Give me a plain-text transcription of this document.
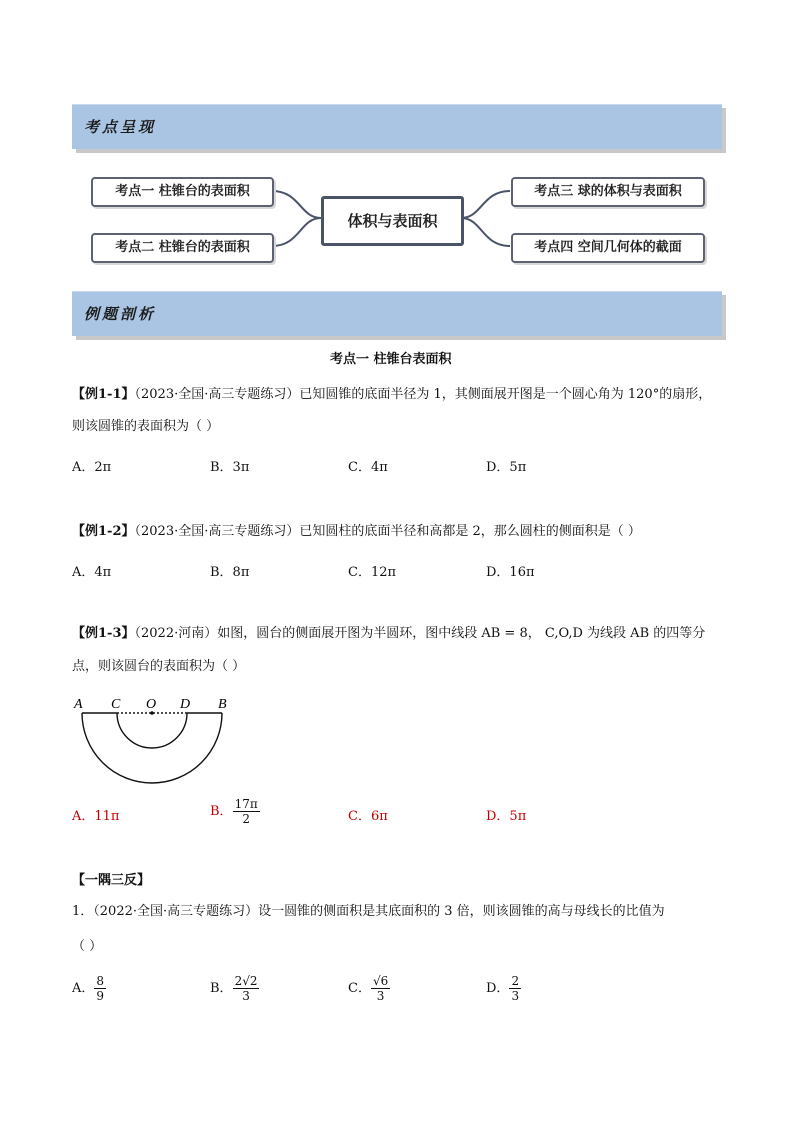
考点呈现
考点一 柱锥台的表面积
考点二 柱锥台的表面积
体积与表面积
考点三 球的体积与表面积
考点四 空间几何体的截面
例题剖析
考点一 柱锥台表面积
【例1-1】（2023·全国·高三专题练习）已知圆锥的底面半径为 1，其侧面展开图是一个圆心角为 120°的扇形，
则该圆锥的表面积为（ ）
A．2π	B．3π	C．4π	D．5π
【例1-2】（2023·全国·高三专题练习）已知圆柱的底面半径和高都是 2，那么圆柱的侧面积是（ ）
A．4π	B．8π	C．12π	D．16π
【例1-3】（2022·河南）如图，圆台的侧面展开图为半圆环，图中线段 AB = 8， C,O,D 为线段 AB 的四等分
点，则该圆台的表面积为（ ）
A C O D B
A．11π	B． $\frac{17\pi}{2}$	C．6π	D．5π
【一隅三反】
1．（2022·全国·高三专题练习）设一圆锥的侧面积是其底面积的 3 倍，则该圆锥的高与母线长的比值为
（ ）
A． $\frac{8}{9}$	B． $\frac{2√2}{3}$	C． $\frac{√6}{3}$	D． $\frac{2}{3}$
